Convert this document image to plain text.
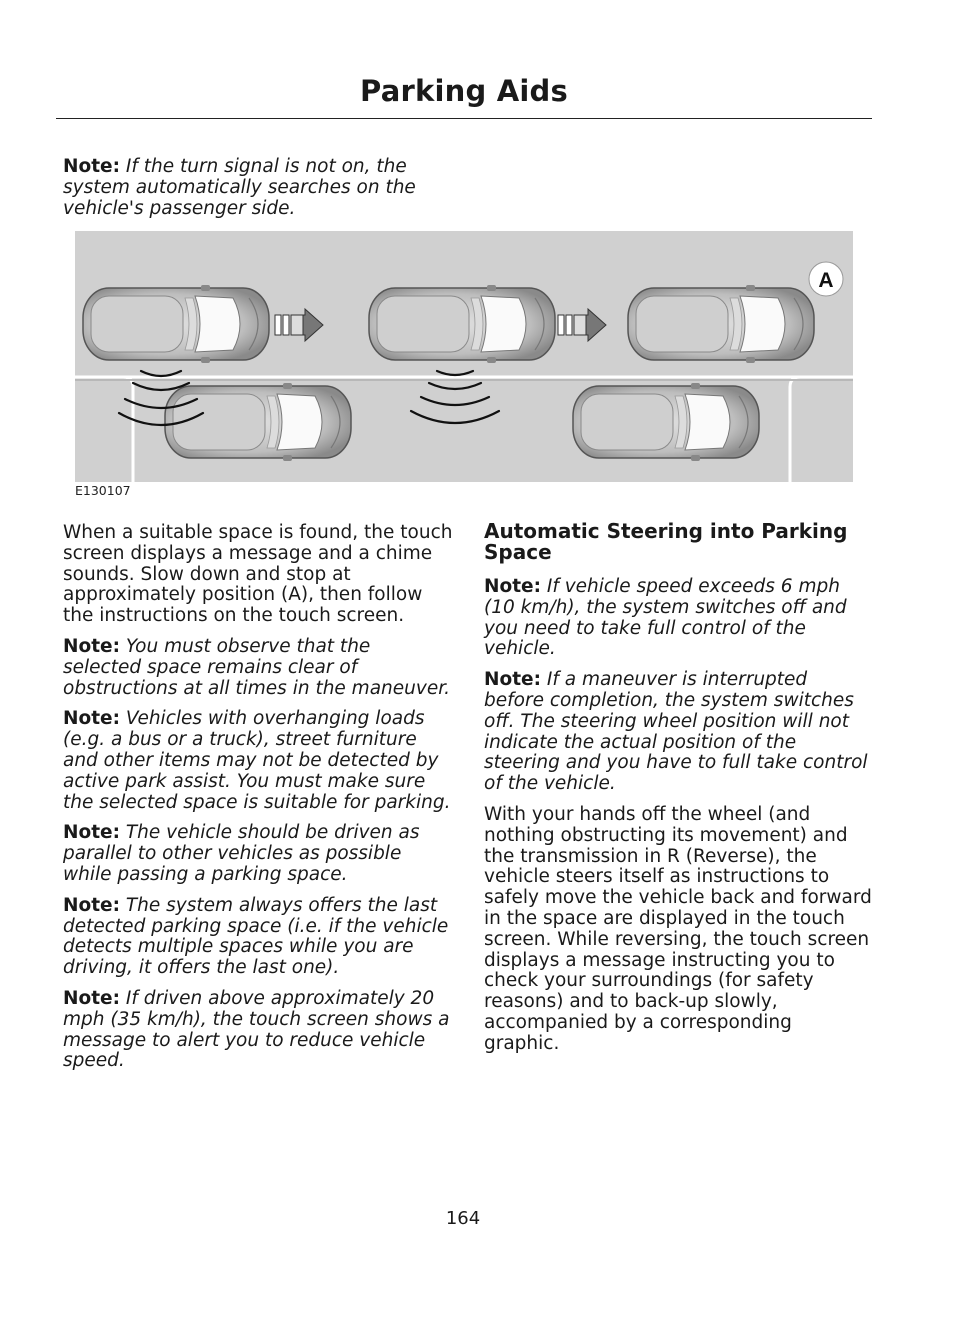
Parking Aids

Note: If the turn signal is not on, the system automatically searches on the vehicle's passenger side.

A
E130107

When a suitable space is found, the touch screen displays a message and a chime sounds. Slow down and stop at approximately position (A), then follow the instructions on the touch screen.

Note: You must observe that the selected space remains clear of obstructions at all times in the maneuver.

Note: Vehicles with overhanging loads (e.g. a bus or a truck), street furniture and other items may not be detected by active park assist. You must make sure the selected space is suitable for parking.

Note: The vehicle should be driven as parallel to other vehicles as possible while passing a parking space.

Note: The system always offers the last detected parking space (i.e. if the vehicle detects multiple spaces while you are driving, it offers the last one).

Note: If driven above approximately 20 mph (35 km/h), the touch screen shows a message to alert you to reduce vehicle speed.

Automatic Steering into Parking Space

Note: If vehicle speed exceeds 6 mph (10 km/h), the system switches off and you need to take full control of the vehicle.

Note: If a maneuver is interrupted before completion, the system switches off. The steering wheel position will not indicate the actual position of the steering and you have to full take control of the vehicle.

With your hands off the wheel (and nothing obstructing its movement) and the transmission in R (Reverse), the vehicle steers itself as instructions to safely move the vehicle back and forward in the space are displayed in the touch screen. While reversing, the touch screen displays a message instructing you to check your surroundings (for safety reasons) and to back-up slowly, accompanied by a corresponding graphic.

164
